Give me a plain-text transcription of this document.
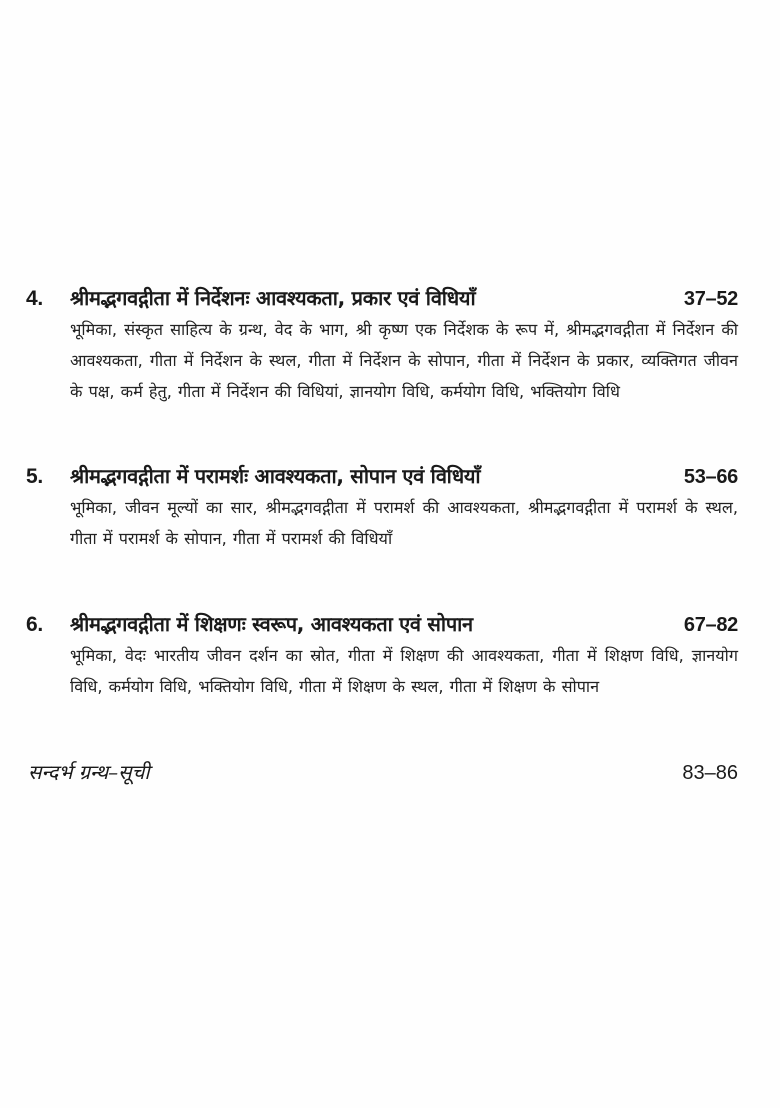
4.	श्रीमद्भगवद्गीता में निर्देशनः आवश्यकता, प्रकार एवं विधियाँ	37–52
भूमिका, संस्कृत साहित्य के ग्रन्थ, वेद के भाग, श्री कृष्ण एक निर्देशक के रूप में, श्रीमद्भगवद्गीता में निर्देशन की आवश्यकता, गीता में निर्देशन के स्थल, गीता में निर्देशन के सोपान, गीता में निर्देशन के प्रकार, व्यक्तिगत जीवन के पक्ष, कर्म हेतु, गीता में निर्देशन की विधियां, ज्ञानयोग विधि, कर्मयोग विधि, भक्तियोग विधि
5.	श्रीमद्भगवद्गीता में परामर्शः आवश्यकता, सोपान एवं विधियाँ	53–66
भूमिका, जीवन मूल्यों का सार, श्रीमद्भगवद्गीता में परामर्श की आवश्यकता, श्रीमद्भगवद्गीता में परामर्श के स्थल, गीता में परामर्श के सोपान, गीता में परामर्श की विधियाँ
6.	श्रीमद्भगवद्गीता में शिक्षणः स्वरूप, आवश्यकता एवं सोपान	67–82
भूमिका, वेदः भारतीय जीवन दर्शन का स्रोत, गीता में शिक्षण की आवश्यकता, गीता में शिक्षण विधि, ज्ञानयोग विधि, कर्मयोग विधि, भक्तियोग विधि, गीता में शिक्षण के स्थल, गीता में शिक्षण के सोपान
सन्दर्भ ग्रन्थ–सूची	83–86
